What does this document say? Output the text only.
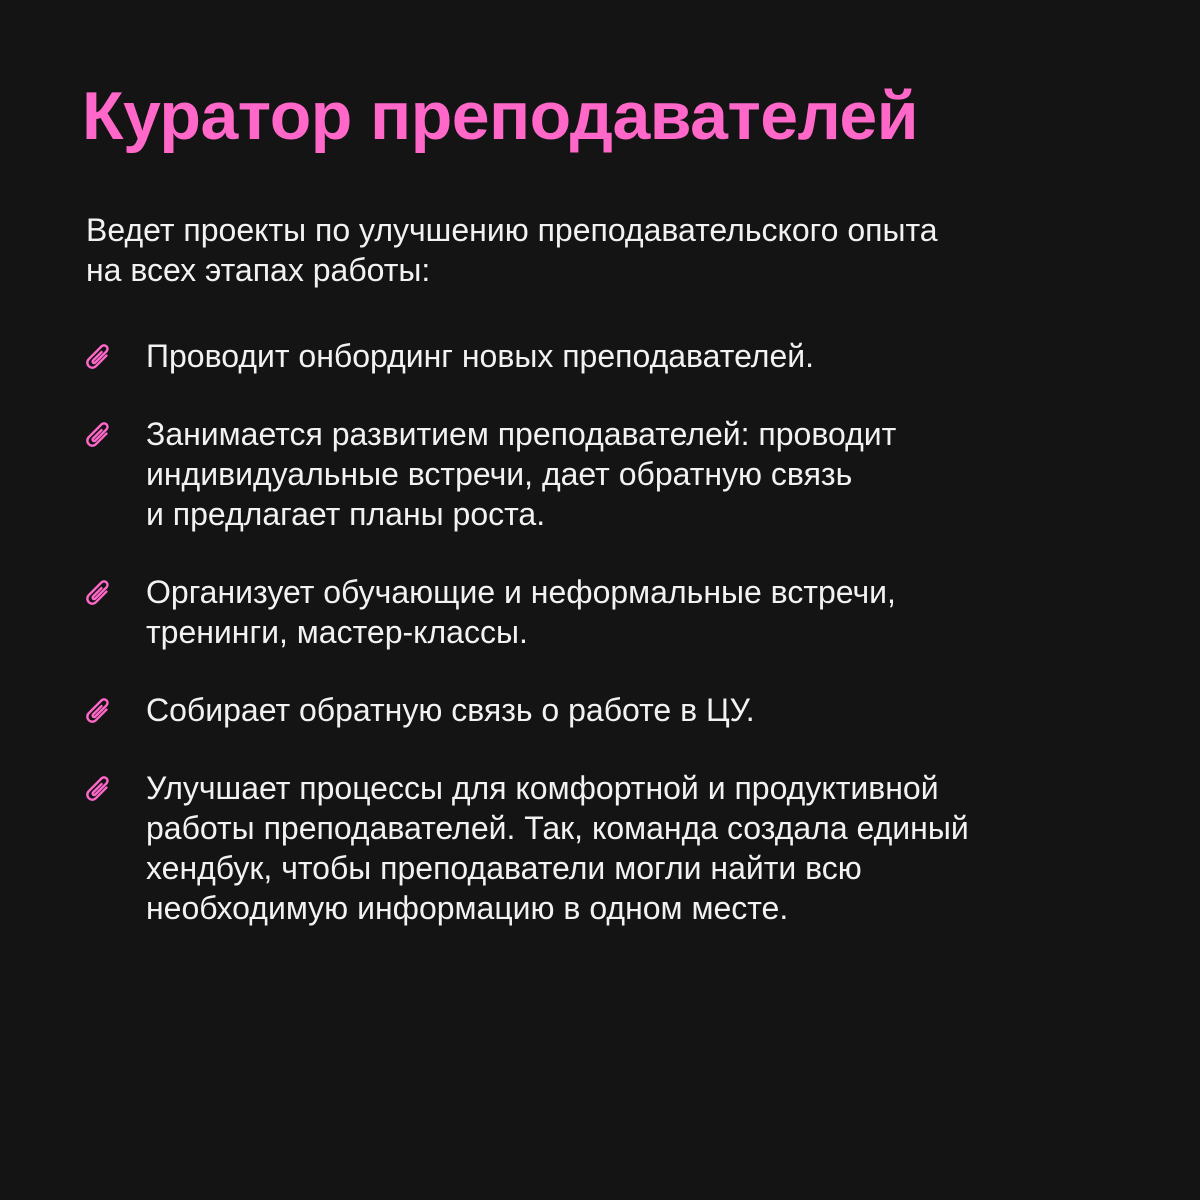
Куратор преподавателей

Ведет проекты по улучшению преподавательского опыта
на всех этапах работы:

Проводит онбординг новых преподавателей.
Занимается развитием преподавателей: проводит
индивидуальные встречи, дает обратную связь
и предлагает планы роста.
Организует обучающие и неформальные встречи,
тренинги, мастер-классы.
Собирает обратную связь о работе в ЦУ.
Улучшает процессы для комфортной и продуктивной
работы преподавателей. Так, команда создала единый
хендбук, чтобы преподаватели могли найти всю
необходимую информацию в одном месте.
